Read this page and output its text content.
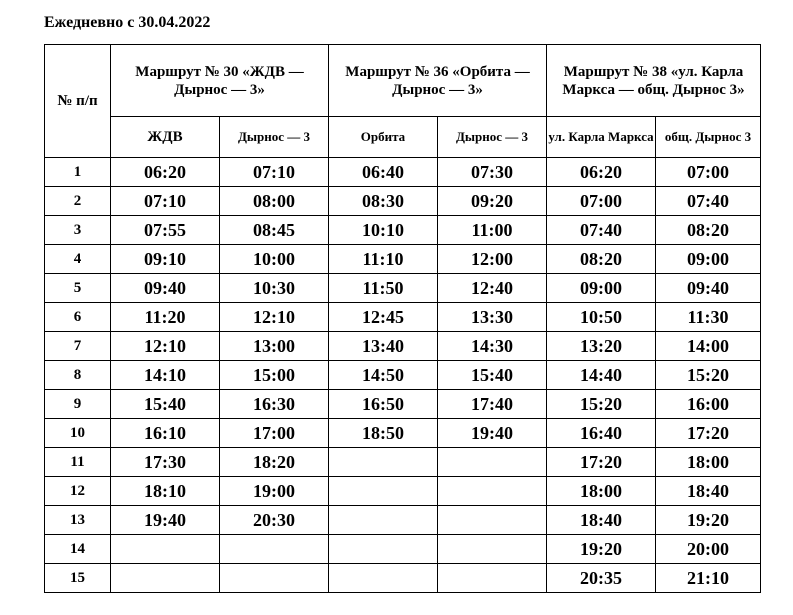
Ежедневно с 30.04.2022
№ п/п	Маршрут № 30 «ЖДВ — Дырнос — 3»		Маршрут № 36 «Орбита — Дырнос — 3»		Маршрут № 38 «ул. Карла Маркса — общ. Дырнос 3»	
	ЖДВ	Дырнос — 3	Орбита	Дырнос — 3	ул. Карла Маркса	общ. Дырнос 3
1	06:20	07:10	06:40	07:30	06:20	07:00
2	07:10	08:00	08:30	09:20	07:00	07:40
3	07:55	08:45	10:10	11:00	07:40	08:20
4	09:10	10:00	11:10	12:00	08:20	09:00
5	09:40	10:30	11:50	12:40	09:00	09:40
6	11:20	12:10	12:45	13:30	10:50	11:30
7	12:10	13:00	13:40	14:30	13:20	14:00
8	14:10	15:00	14:50	15:40	14:40	15:20
9	15:40	16:30	16:50	17:40	15:20	16:00
10	16:10	17:00	18:50	19:40	16:40	17:20
11	17:30	18:20			17:20	18:00
12	18:10	19:00			18:00	18:40
13	19:40	20:30			18:40	19:20
14					19:20	20:00
15					20:35	21:10
